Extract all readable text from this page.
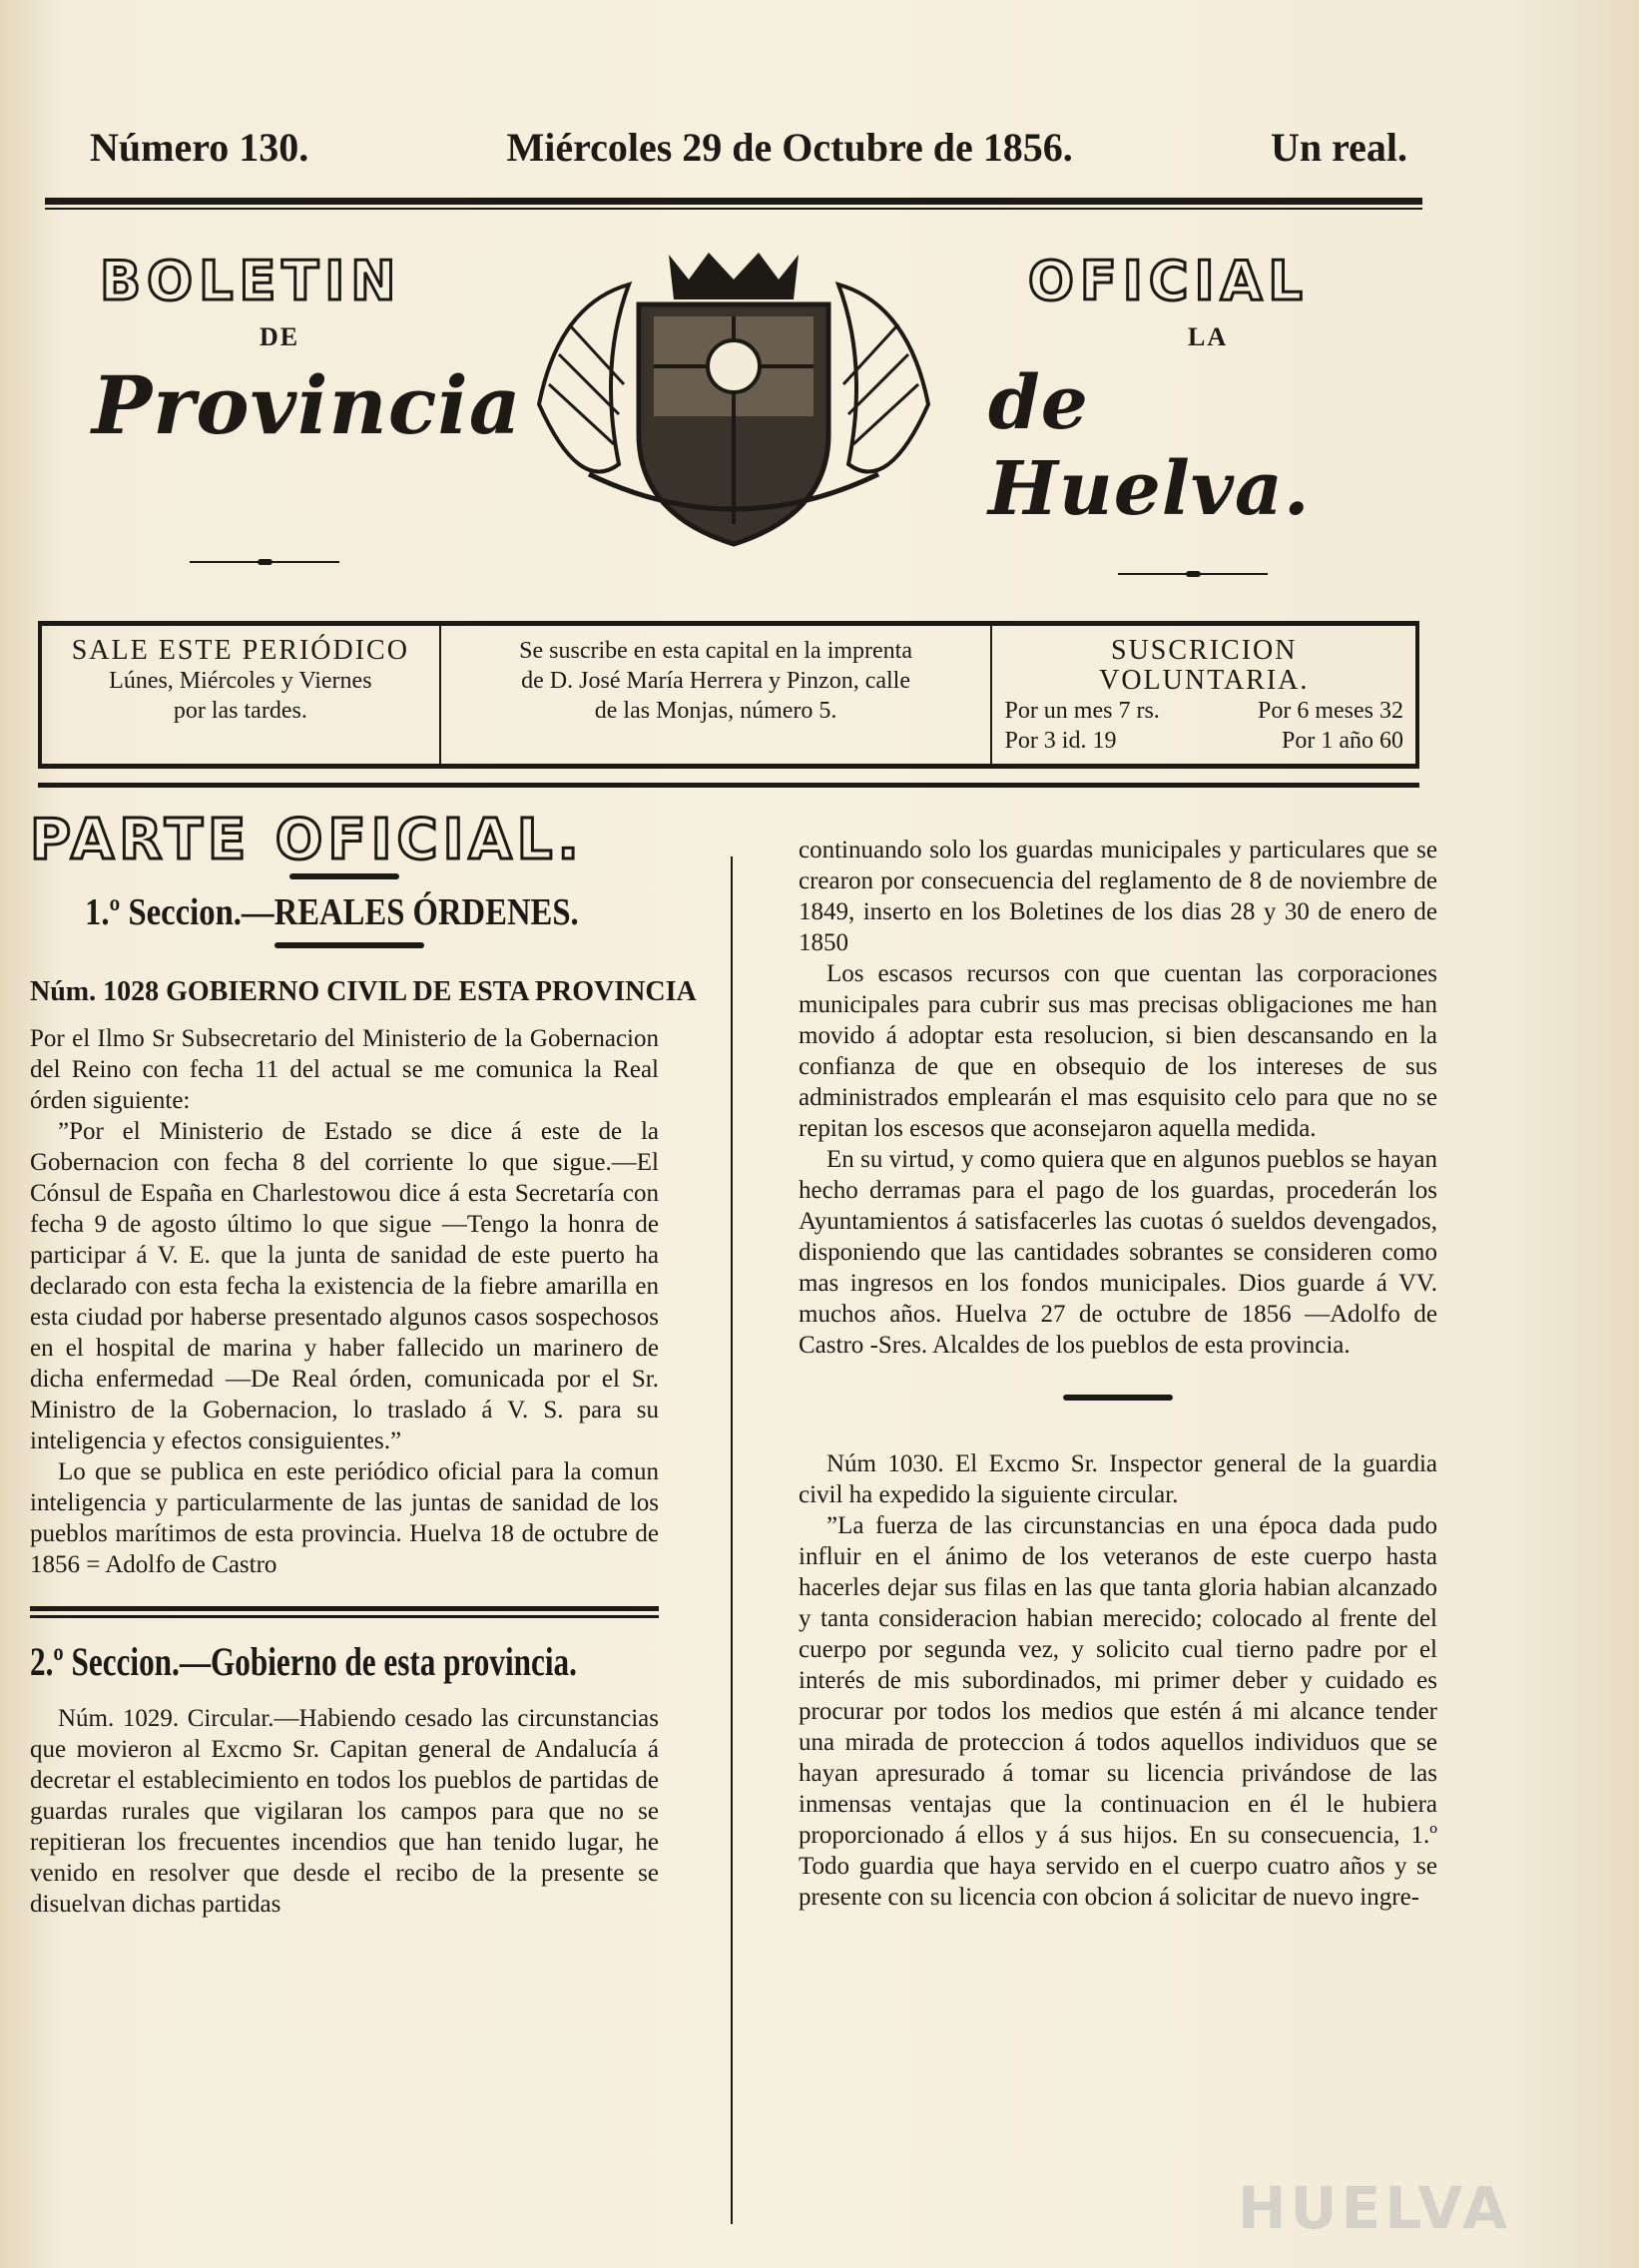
Número 130.	Miércoles 29 de Octubre de 1856.	Un real.
BOLETIN
DE
Provincia
OFICIAL
LA
de Huelva.
SALE ESTE PERIÓDICO
Lúnes, Miércoles y Viernes
por las tardes.
Se suscribe en esta capital en la imprenta
de D. José María Herrera y Pinzon, calle
de las Monjas, número 5.
SUSCRICION VOLUNTARIA.
Por un mes 7 rs.	Por 6 meses 32
Por 3 id. 19	Por 1 año 60
PARTE OFICIAL.
1.º Seccion.—REALES ÓRDENES.
Núm. 1028 GOBIERNO CIVIL DE ESTA PROVINCIA

Por el Ilmo Sr Subsecretario del Ministerio de la Gobernacion del Reino con fecha 11 del actual se me comunica la Real órden siguiente:

”Por el Ministerio de Estado se dice á este de la Gobernacion con fecha 8 del corriente lo que sigue.—El Cónsul de España en Charlestowou dice á esta Secretaría con fecha 9 de agosto último lo que sigue —Tengo la honra de participar á V. E. que la junta de sanidad de este puerto ha declarado con esta fecha la existencia de la fiebre amarilla en esta ciudad por haberse presentado algunos casos sospechosos en el hospital de marina y haber fallecido un marinero de dicha enfermedad —De Real órden, comunicada por el Sr. Ministro de la Gobernacion, lo traslado á V. S. para su inteligencia y efectos consiguientes.”

Lo que se publica en este periódico oficial para la comun inteligencia y particularmente de las juntas de sanidad de los pueblos marítimos de esta provincia. Huelva 18 de octubre de 1856 = Adolfo de Castro

2.º Seccion.—Gobierno de esta provincia.

Núm. 1029. Circular.—Habiendo cesado las circunstancias que movieron al Excmo Sr. Capitan general de Andalucía á decretar el establecimiento en todos los pueblos de partidas de guardas rurales que vigilaran los campos para que no se repitieran los frecuentes incendios que han tenido lugar, he venido en resolver que desde el recibo de la presente se disuelvan dichas partidas

continuando solo los guardas municipales y particulares que se crearon por consecuencia del reglamento de 8 de noviembre de 1849, inserto en los Boletines de los dias 28 y 30 de enero de 1850

Los escasos recursos con que cuentan las corporaciones municipales para cubrir sus mas precisas obligaciones me han movido á adoptar esta resolucion, si bien descansando en la confianza de que en obsequio de los intereses de sus administrados emplearán el mas esquisito celo para que no se repitan los escesos que aconsejaron aquella medida.

En su virtud, y como quiera que en algunos pueblos se hayan hecho derramas para el pago de los guardas, procederán los Ayuntamientos á satisfacerles las cuotas ó sueldos devengados, disponiendo que las cantidades sobrantes se consideren como mas ingresos en los fondos municipales. Dios guarde á VV. muchos años. Huelva 27 de octubre de 1856 —Adolfo de Castro -Sres. Alcaldes de los pueblos de esta provincia.

Núm 1030. El Excmo Sr. Inspector general de la guardia civil ha expedido la siguiente circular.

”La fuerza de las circunstancias en una época dada pudo influir en el ánimo de los veteranos de este cuerpo hasta hacerles dejar sus filas en las que tanta gloria habian alcanzado y tanta consideracion habian merecido; colocado al frente del cuerpo por segunda vez, y solicito cual tierno padre por el interés de mis subordinados, mi primer deber y cuidado es procurar por todos los medios que estén á mi alcance tender una mirada de proteccion á todos aquellos individuos que se hayan apresurado á tomar su licencia privándose de las inmensas ventajas que la continuacion en él le hubiera proporcionado á ellos y á sus hijos. En su consecuencia, 1.º Todo guardia que haya servido en el cuerpo cuatro años y se presente con su licencia con obcion á solicitar de nuevo ingre-

HUELVA
